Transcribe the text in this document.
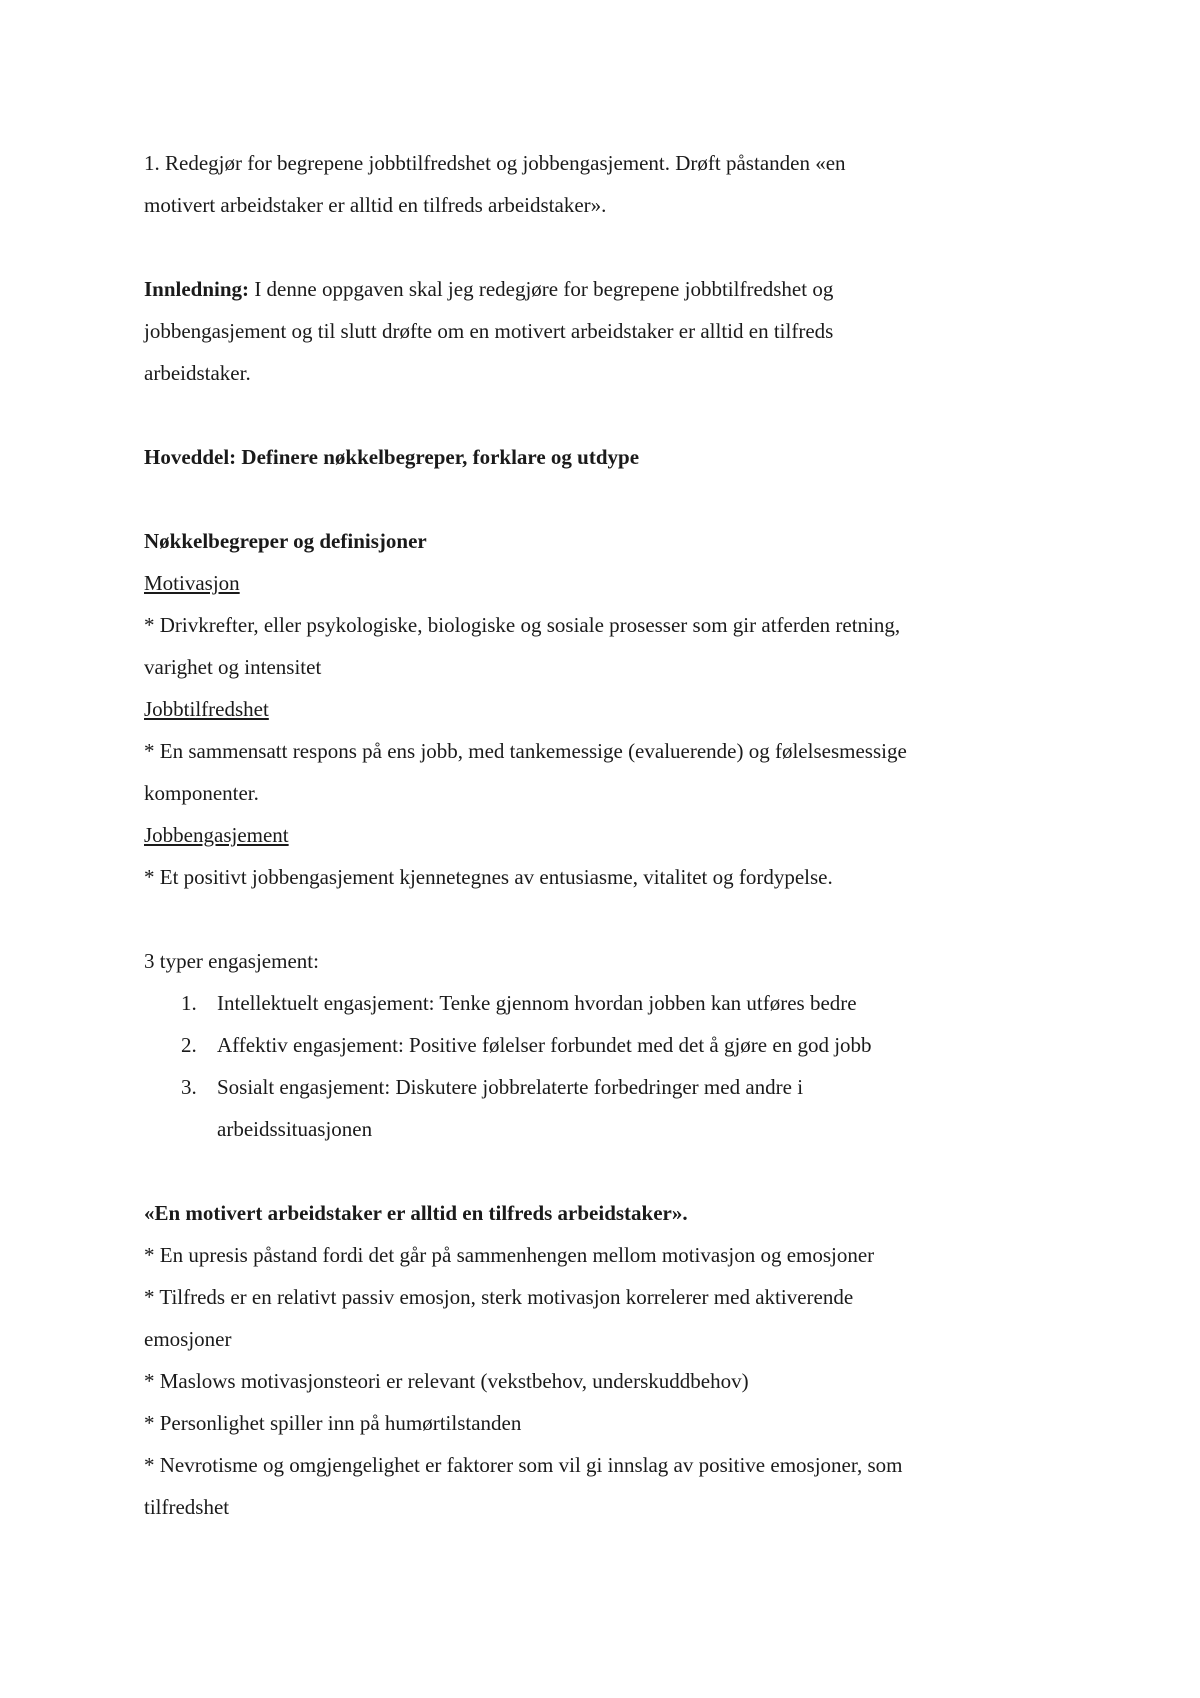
1. Redegjør for begrepene jobbtilfredshet og jobbengasjement. Drøft påstanden «en
motivert arbeidstaker er alltid en tilfreds arbeidstaker».
Innledning: I denne oppgaven skal jeg redegjøre for begrepene jobbtilfredshet og
jobbengasjement og til slutt drøfte om en motivert arbeidstaker er alltid en tilfreds
arbeidstaker.
Hoveddel: Definere nøkkelbegreper, forklare og utdype
Nøkkelbegreper og definisjoner
Motivasjon
* Drivkrefter, eller psykologiske, biologiske og sosiale prosesser som gir atferden retning,
varighet og intensitet
Jobbtilfredshet
* En sammensatt respons på ens jobb, med tankemessige (evaluerende) og følelsesmessige
komponenter.
Jobbengasjement
* Et positivt jobbengasjement kjennetegnes av entusiasme, vitalitet og fordypelse.
3 typer engasjement:
1. Intellektuelt engasjement: Tenke gjennom hvordan jobben kan utføres bedre
2. Affektiv engasjement: Positive følelser forbundet med det å gjøre en god jobb
3. Sosialt engasjement: Diskutere jobbrelaterte forbedringer med andre i
arbeidssituasjonen
«En motivert arbeidstaker er alltid en tilfreds arbeidstaker».
* En upresis påstand fordi det går på sammenhengen mellom motivasjon og emosjoner
* Tilfreds er en relativt passiv emosjon, sterk motivasjon korrelerer med aktiverende
emosjoner
* Maslows motivasjonsteori er relevant (vekstbehov, underskuddbehov)
* Personlighet spiller inn på humørtilstanden
* Nevrotisme og omgjengelighet er faktorer som vil gi innslag av positive emosjoner, som
tilfredshet
